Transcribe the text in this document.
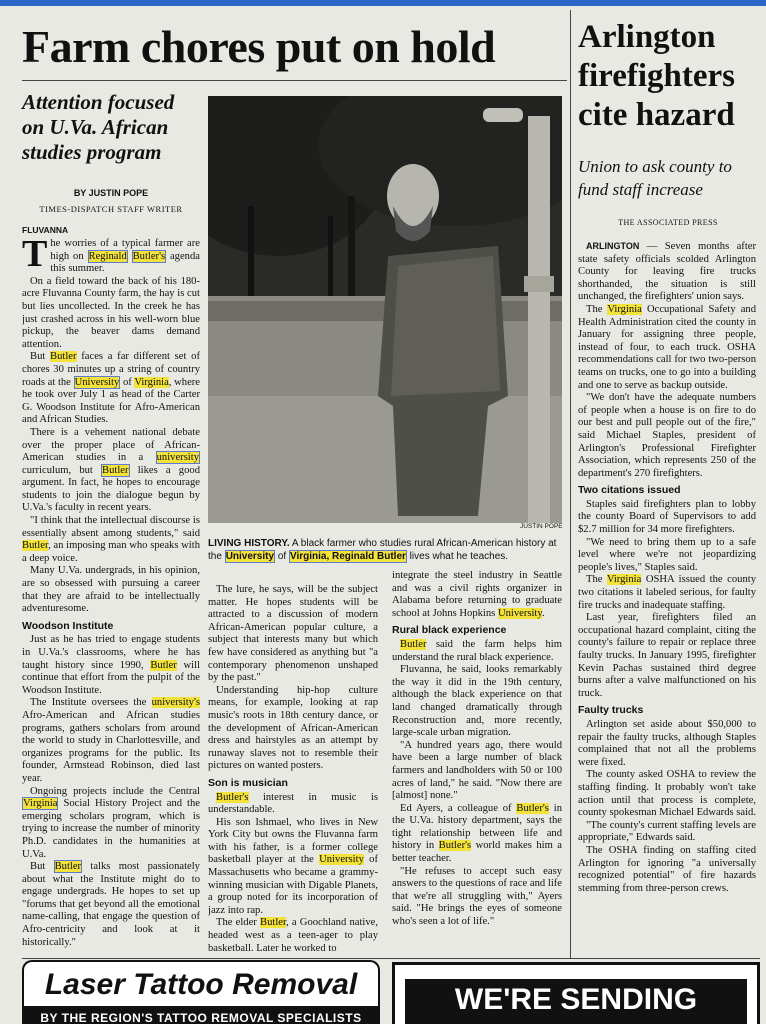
Farm chores put on hold
Attention focused on U.Va. African studies program
BY JUSTIN POPE
TIMES-DISPATCH STAFF WRITER
FLUVANNA

The worries of a typical farmer are high on Reginald Butler's agenda this summer.

On a field toward the back of his 180-acre Fluvanna County farm, the hay is cut but lies uncollected. In the creek he has just crashed across in his well-worn blue pickup, the beaver dams demand attention.

But Butler faces a far different set of chores 30 minutes up a string of country roads at the University of Virginia, where he took over July 1 as head of the Carter G. Woodson Institute for Afro-American and African Studies.

There is a vehement national debate over the proper place of African-American studies in a university curriculum, but Butler likes a good argument. In fact, he hopes to encourage students to join the dialogue begun by U.Va.'s faculty in recent years.

"I think that the intellectual discourse is essentially absent among students," said Butler, an imposing man who speaks with a deep voice.

Many U.Va. undergrads, in his opinion, are so obsessed with pursuing a career that they are afraid to be intellectually adventuresome.

Woodson Institute

Just as he has tried to engage students in U.Va.'s classrooms, where he has taught history since 1990, Butler will continue that effort from the pulpit of the Woodson Institute.

The Institute oversees the university's Afro-American and African studies programs, gathers scholars from around the world to study in Charlottesville, and organizes programs for the public. Its founder, Armstead Robinson, died last year.

Ongoing projects include the Central Virginia Social History Project and the emerging scholars program, which is trying to increase the number of minority Ph.D. candidates in the humanities at U.Va.

But Butler talks most passionately about what the Institute might do to engage undergrads. He hopes to set up "forums that get beyond all the emotional name-calling, that engage the question of Afro-centricity and look at it historically."

JUSTIN POPE
LIVING HISTORY. A black farmer who studies rural African-American history at the University of Virginia, Reginald Butler lives what he teaches.

The lure, he says, will be the subject matter. He hopes students will be attracted to a discussion of modern African-American popular culture, a subject that interests many but which few have considered as anything but "a contemporary phenomenon unshaped by the past."

Understanding hip-hop culture means, for example, looking at rap music's roots in 18th century dance, or the development of African-American dress and hairstyles as an attempt by runaway slaves not to resemble their pictures on wanted posters.

Son is musician

Butler's interest in music is understandable.

His son Ishmael, who lives in New York City but owns the Fluvanna farm with his father, is a former college basketball player at the University of Massachusetts who became a grammy-winning musician with Digable Planets, a group noted for its incorporation of jazz into rap.

The elder Butler, a Goochland native, headed west as a teen-ager to play basketball. Later he worked to

integrate the steel industry in Seattle and was a civil rights organizer in Alabama before returning to graduate school at Johns Hopkins University.

Rural black experience

Butler said the farm helps him understand the rural black experience.

Fluvanna, he said, looks remarkably the way it did in the 19th century, although the black experience on that land changed dramatically through Reconstruction and, more recently, large-scale urban migration.

"A hundred years ago, there would have been a large number of black farmers and landholders with 50 or 100 acres of land," he said. "Now there are [almost] none."

Ed Ayers, a colleague of Butler's in the U.Va. history department, says the tight relationship between life and history in Butler's world makes him a better teacher.

"He refuses to accept such easy answers to the questions of race and life that we're all struggling with," Ayers said. "He brings the eyes of someone who's seen a lot of life."

Arlington firefighters cite hazard
Union to ask county to fund staff increase
THE ASSOCIATED PRESS

ARLINGTON — Seven months after state safety officials scolded Arlington County for leaving fire trucks shorthanded, the situation is still unchanged, the firefighters' union says.

The Virginia Occupational Safety and Health Administration cited the county in January for assigning three people, instead of four, to each truck. OSHA recommendations call for two two-person teams on trucks, one to go into a building and one to serve as backup outside.

"We don't have the adequate numbers of people when a house is on fire to do our best and pull people out of the fire," said Michael Staples, president of Arlington's Professional Firefighter Association, which represents 250 of the department's 270 firefighters.

Two citations issued

Staples said firefighters plan to lobby the county Board of Supervisors to add $2.7 million for 34 more firefighters.

"We need to bring them up to a safe level where we're not jeopardizing people's lives," Staples said.

The Virginia OSHA issued the county two citations it labeled serious, for faulty fire trucks and inadequate staffing.

Last year, firefighters filed an occupational hazard complaint, citing the county's failure to repair or replace three faulty trucks. In January 1995, firefighter Kevin Pachas sustained third degree burns after a valve malfunctioned on his truck.

Faulty trucks

Arlington set aside about $50,000 to repair the faulty trucks, although Staples complained that not all the problems were fixed.

The county asked OSHA to review the staffing finding. It probably won't take action until that process is complete, county spokesman Michael Edwards said.

"The county's current staffing levels are appropriate," Edwards said.

The OSHA finding on staffing cited Arlington for ignoring "a universally recognized potential" of fire hazards stemming from three-person crews.

Laser Tattoo Removal
BY THE REGION'S TATTOO REMOVAL SPECIALISTS
WE'RE SENDING
